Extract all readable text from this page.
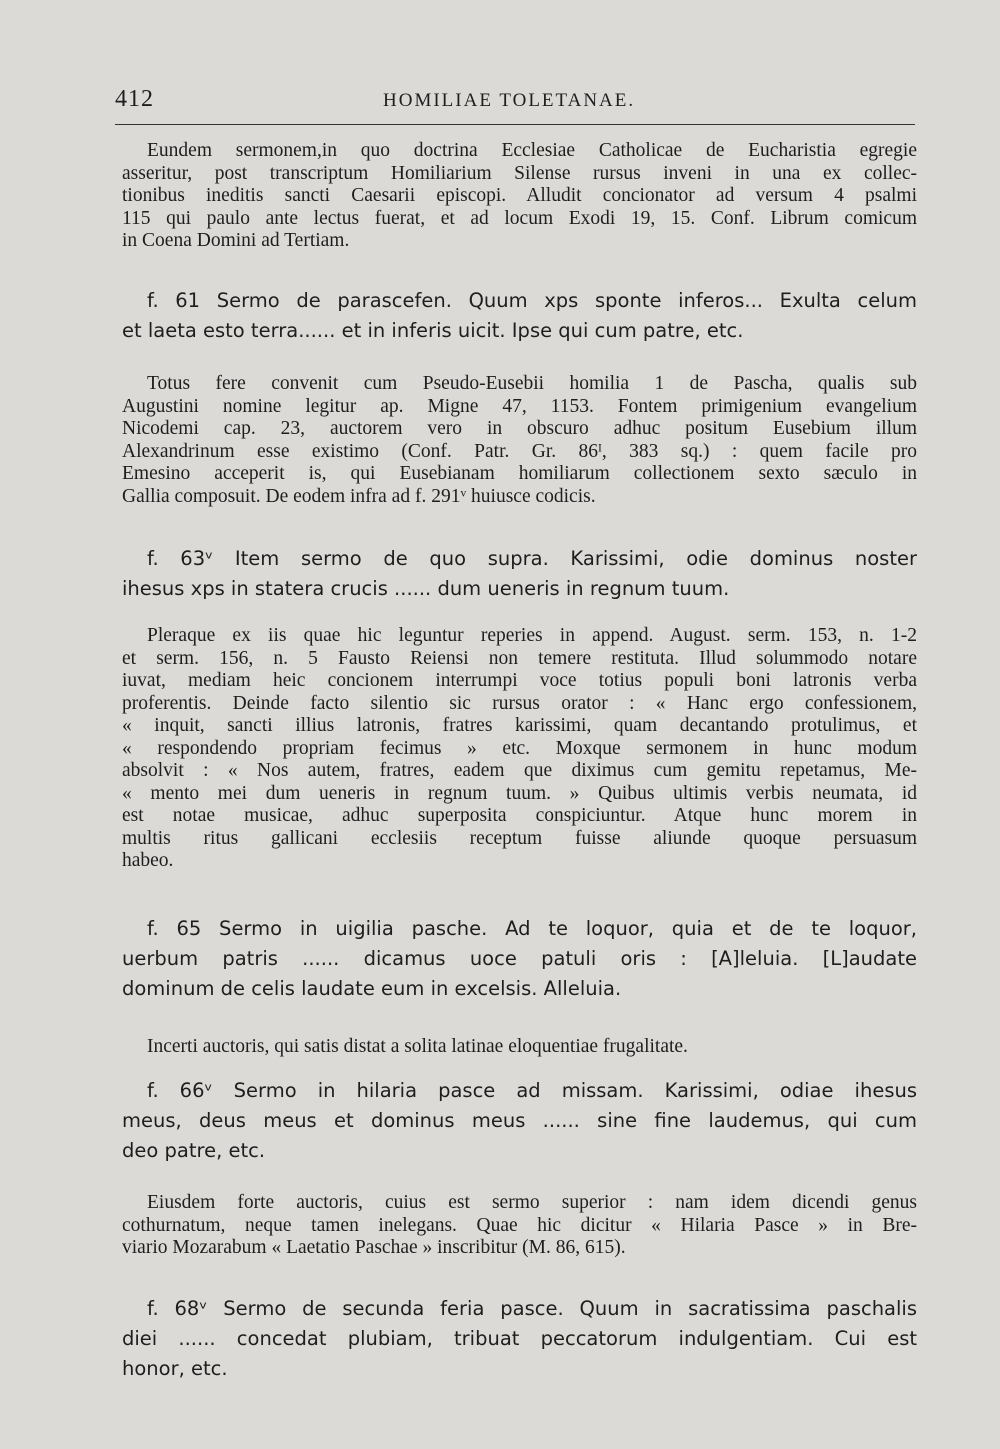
412	HOMILIAE TOLETANAE.
Eundem sermonem,in quo doctrina Ecclesiae Catholicae de Eucharistia egregie
asseritur, post transcriptum Homiliarium Silense rursus inveni in una ex collec-
tionibus ineditis sancti Caesarii episcopi. Alludit concionator ad versum 4 psalmi
115 qui paulo ante lectus fuerat, et ad locum Exodi 19, 15. Conf. Librum comicum
in Coena Domini ad Tertiam.
f. 61 Sermo de parascefen. Quum xps sponte inferos... Exulta celum
et laeta esto terra...... et in inferis uicit. Ipse qui cum patre, etc.
Totus fere convenit cum Pseudo-Eusebii homilia 1 de Pascha, qualis sub
Augustini nomine legitur ap. Migne 47, 1153. Fontem primigenium evangelium
Nicodemi cap. 23, auctorem vero in obscuro adhuc positum Eusebium illum
Alexandrinum esse existimo (Conf. Patr. Gr. 86ᴵ, 383 sq.) : quem facile pro
Emesino acceperit is, qui Eusebianam homiliarum collectionem sexto sæculo in
Gallia composuit. De eodem infra ad f. 291ᵛ huiusce codicis.
f. 63ᵛ Item sermo de quo supra. Karissimi, odie dominus noster
ihesus xps in statera crucis ...... dum ueneris in regnum tuum.
Pleraque ex iis quae hic leguntur reperies in append. August. serm. 153, n. 1-2
et serm. 156, n. 5 Fausto Reiensi non temere restituta. Illud solummodo notare
iuvat, mediam heic concionem interrumpi voce totius populi boni latronis verba
proferentis. Deinde facto silentio sic rursus orator : « Hanc ergo confessionem,
« inquit, sancti illius latronis, fratres karissimi, quam decantando protulimus, et
« respondendo propriam fecimus » etc. Moxque sermonem in hunc modum
absolvit : « Nos autem, fratres, eadem que diximus cum gemitu repetamus, Me-
« mento mei dum ueneris in regnum tuum. » Quibus ultimis verbis neumata, id
est notae musicae, adhuc superposita conspiciuntur. Atque hunc morem in
multis ritus gallicani ecclesiis receptum fuisse aliunde quoque persuasum
habeo.
f. 65 Sermo in uigilia pasche. Ad te loquor, quia et de te loquor,
uerbum patris ...... dicamus uoce patuli oris : [A]leluia. [L]audate
dominum de celis laudate eum in excelsis. Alleluia.
Incerti auctoris, qui satis distat a solita latinae eloquentiae frugalitate.
f. 66ᵛ Sermo in hilaria pasce ad missam. Karissimi, odiae ihesus
meus, deus meus et dominus meus ...... sine fine laudemus, qui cum
deo patre, etc.
Eiusdem forte auctoris, cuius est sermo superior : nam idem dicendi genus
cothurnatum, neque tamen inelegans. Quae hic dicitur « Hilaria Pasce » in Bre-
viario Mozarabum « Laetatio Paschae » inscribitur (M. 86, 615).
f. 68ᵛ Sermo de secunda feria pasce. Quum in sacratissima paschalis
diei ...... concedat plubiam, tribuat peccatorum indulgentiam. Cui est
honor, etc.
